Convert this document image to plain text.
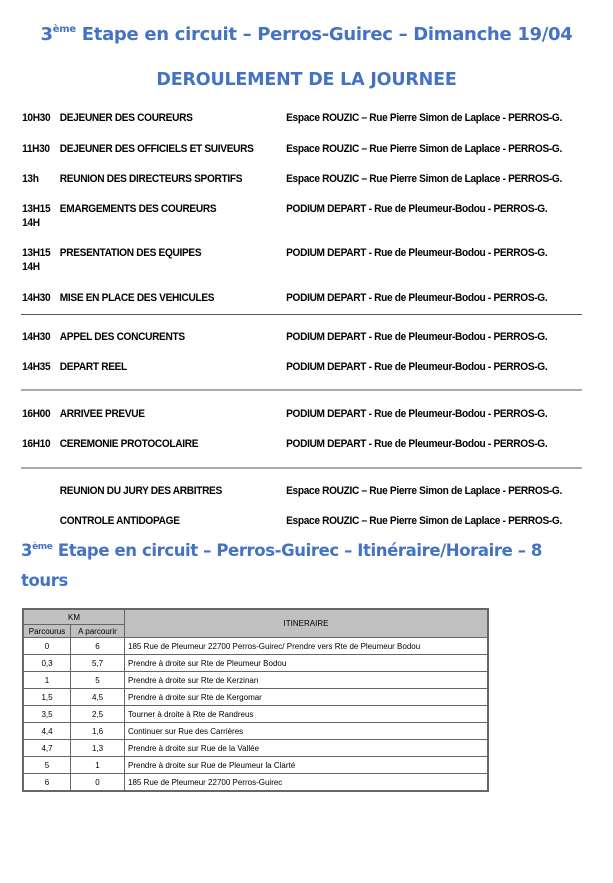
3ème Etape en circuit – Perros-Guirec – Dimanche 19/04
DEROULEMENT DE LA JOURNEE
10H30 DEJEUNER DES COUREURS	Espace ROUZIC – Rue Pierre Simon de Laplace - PERROS-G.
11H30 DEJEUNER DES OFFICIELS ET SUIVEURS	Espace ROUZIC – Rue Pierre Simon de Laplace - PERROS-G.
13h REUNION DES DIRECTEURS SPORTIFS	Espace ROUZIC – Rue Pierre Simon de Laplace - PERROS-G.
13H15
14H
EMARGEMENTS DES COUREURS	PODIUM DEPART - Rue de Pleumeur-Bodou - PERROS-G.
13H15
14H
PRESENTATION DES EQUIPES	PODIUM DEPART - Rue de Pleumeur-Bodou - PERROS-G.
14H30 MISE EN PLACE DES VEHICULES	PODIUM DEPART - Rue de Pleumeur-Bodou - PERROS-G.
14H30 APPEL DES CONCURENTS	PODIUM DEPART - Rue de Pleumeur-Bodou - PERROS-G.
14H35 DEPART REEL	PODIUM DEPART - Rue de Pleumeur-Bodou - PERROS-G.
16H00 ARRIVEE PREVUE	PODIUM DEPART - Rue de Pleumeur-Bodou - PERROS-G.
16H10 CEREMONIE PROTOCOLAIRE	PODIUM DEPART - Rue de Pleumeur-Bodou - PERROS-G.
REUNION DU JURY DES ARBITRES	Espace ROUZIC – Rue Pierre Simon de Laplace - PERROS-G.
CONTROLE ANTIDOPAGE	Espace ROUZIC – Rue Pierre Simon de Laplace - PERROS-G.
3ème Etape en circuit – Perros-Guirec – Itinéraire/Horaire – 8
tours
KM		ITINERAIRE
Parcourus	A parcourir	
0	6	185 Rue de Pleumeur 22700 Perros-Guirec/ Prendre vers Rte de Pleumeur Bodou
0,3	5,7	Prendre à droite sur Rte de Pleumeur Bodou
1	5	Prendre à droite sur Rte de Kerzinan
1,5	4,5	Prendre à droite sur Rte de Kergomar
3,5	2,5	Tourner à droite à Rte de Randreus
4,4	1,6	Continuer sur Rue des Carrières
4,7	1,3	Prendre à droite sur Rue de la Vallée
5	1	Prendre à droite sur Rue de Pleumeur la Clarté
6	0	185 Rue de Pleumeur 22700 Perros-Guirec
